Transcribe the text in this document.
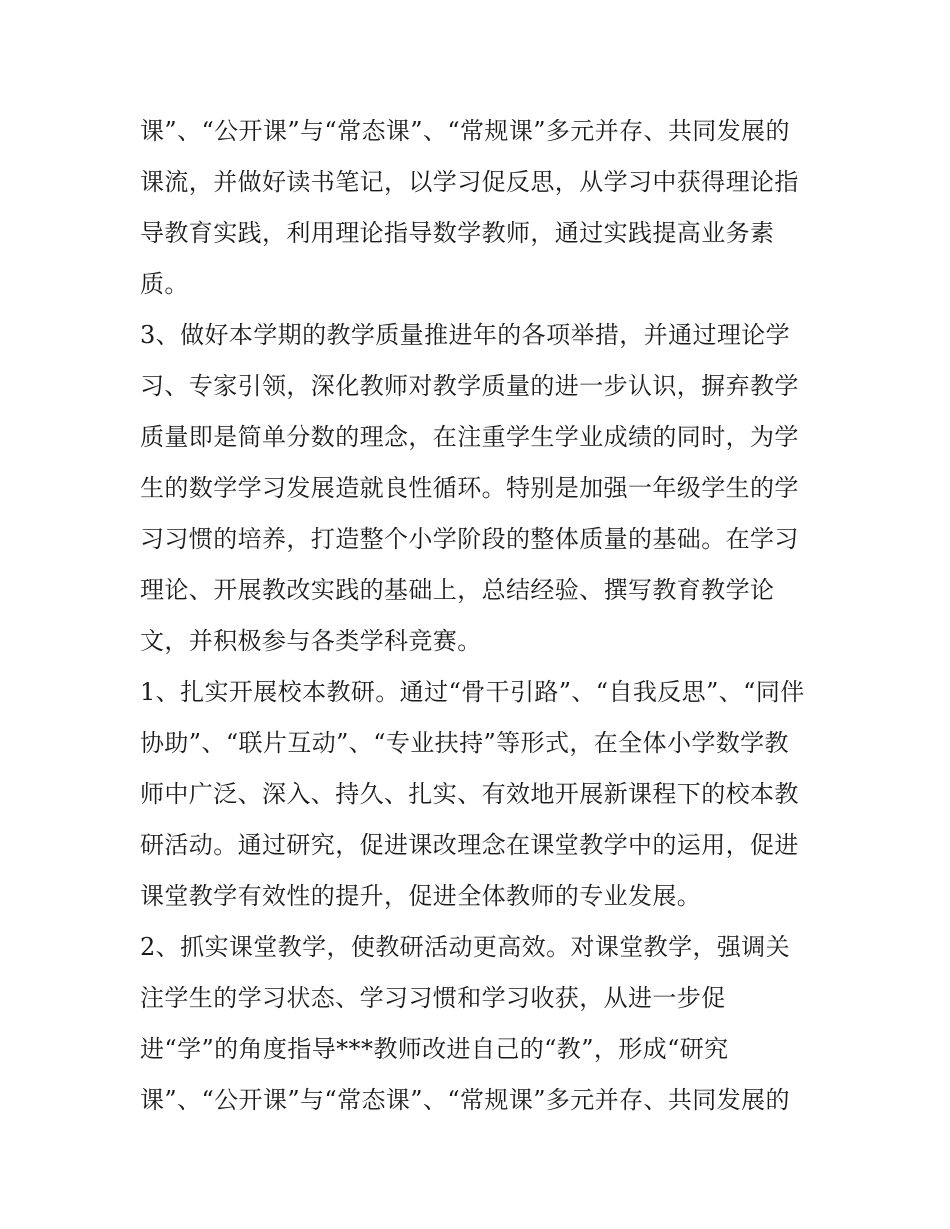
课”、“公开课”与“常态课”、“常规课”多元并存、共同发展的
课流，并做好读书笔记，以学习促反思，从学习中获得理论指
导教育实践，利用理论指导数学教师，通过实践提高业务素
质。
3、做好本学期的教学质量推进年的各项举措，并通过理论学
习、专家引领，深化教师对教学质量的进一步认识，摒弃教学
质量即是简单分数的理念，在注重学生学业成绩的同时，为学
生的数学学习发展造就良性循环。特别是加强一年级学生的学
习习惯的培养，打造整个小学阶段的整体质量的基础。在学习
理论、开展教改实践的基础上，总结经验、撰写教育教学论
文，并积极参与各类学科竞赛。
1、扎实开展校本教研。通过“骨干引路”、“自我反思”、“同伴
协助”、“联片互动”、“专业扶持”等形式，在全体小学数学教
师中广泛、深入、持久、扎实、有效地开展新课程下的校本教
研活动。通过研究，促进课改理念在课堂教学中的运用，促进
课堂教学有效性的提升，促进全体教师的专业发展。
2、抓实课堂教学，使教研活动更高效。对课堂教学，强调关
注学生的学习状态、学习习惯和学习收获，从进一步促
进“学”的角度指导***教师改进自己的“教”，形成“研究
课”、“公开课”与“常态课”、“常规课”多元并存、共同发展的
